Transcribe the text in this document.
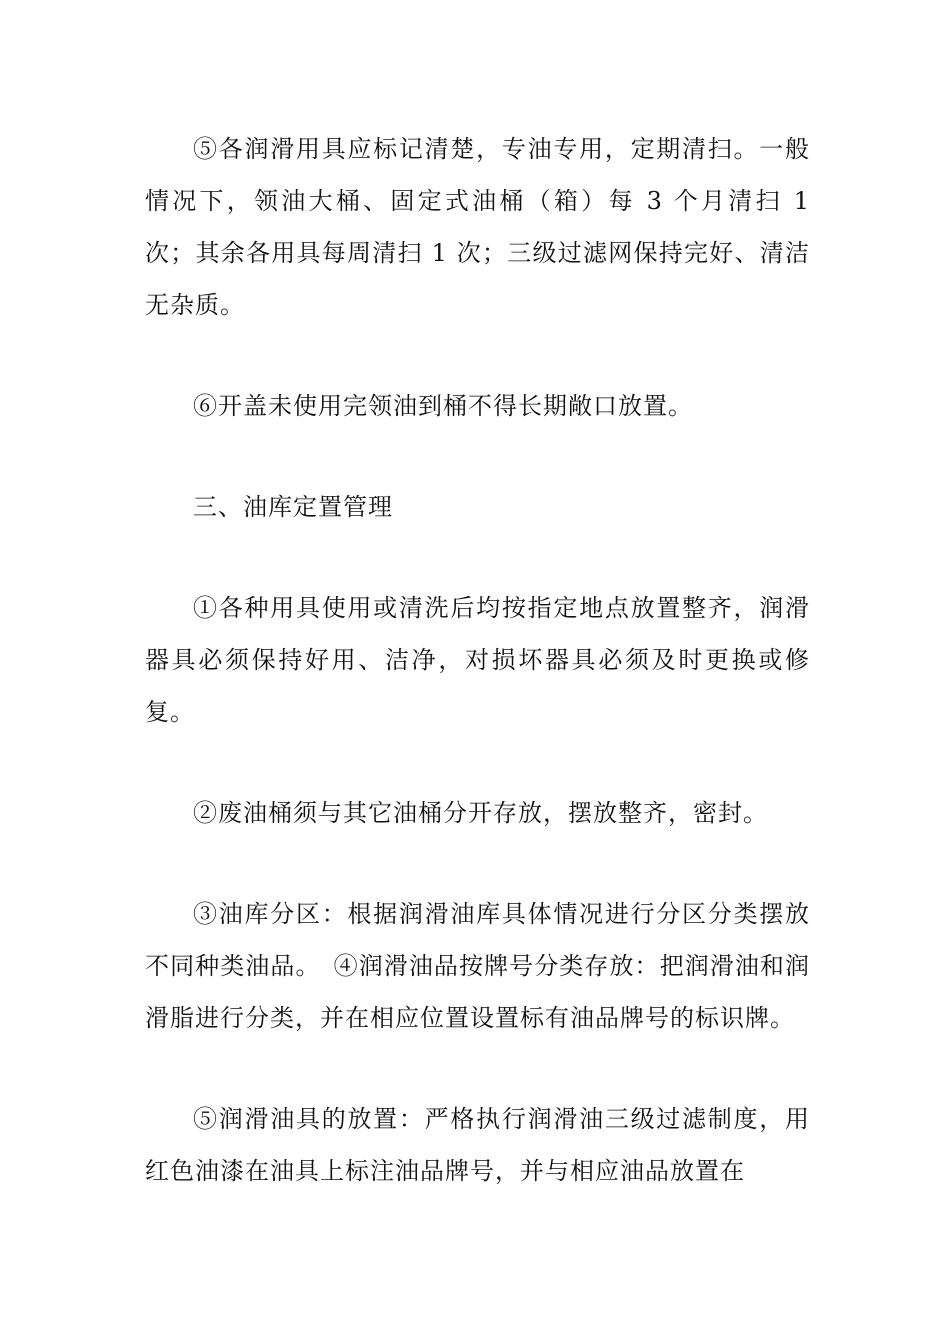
⑤各润滑用具应标记清楚，专油专用，定期清扫。一般情况下，领油大桶、固定式油桶（箱）每 3 个月清扫 1 次；其余各用具每周清扫 1 次；三级过滤网保持完好、清洁无杂质。

⑥开盖未使用完领油到桶不得长期敞口放置。

三、油库定置管理

①各种用具使用或清洗后均按指定地点放置整齐，润滑器具必须保持好用、洁净，对损坏器具必须及时更换或修复。

②废油桶须与其它油桶分开存放，摆放整齐，密封。

③油库分区：根据润滑油库具体情况进行分区分类摆放不同种类油品。　④润滑油品按牌号分类存放：把润滑油和润滑脂进行分类，并在相应位置设置标有油品牌号的标识牌。

⑤润滑油具的放置：严格执行润滑油三级过滤制度，用红色油漆在油具上标注油品牌号，并与相应油品放置在
